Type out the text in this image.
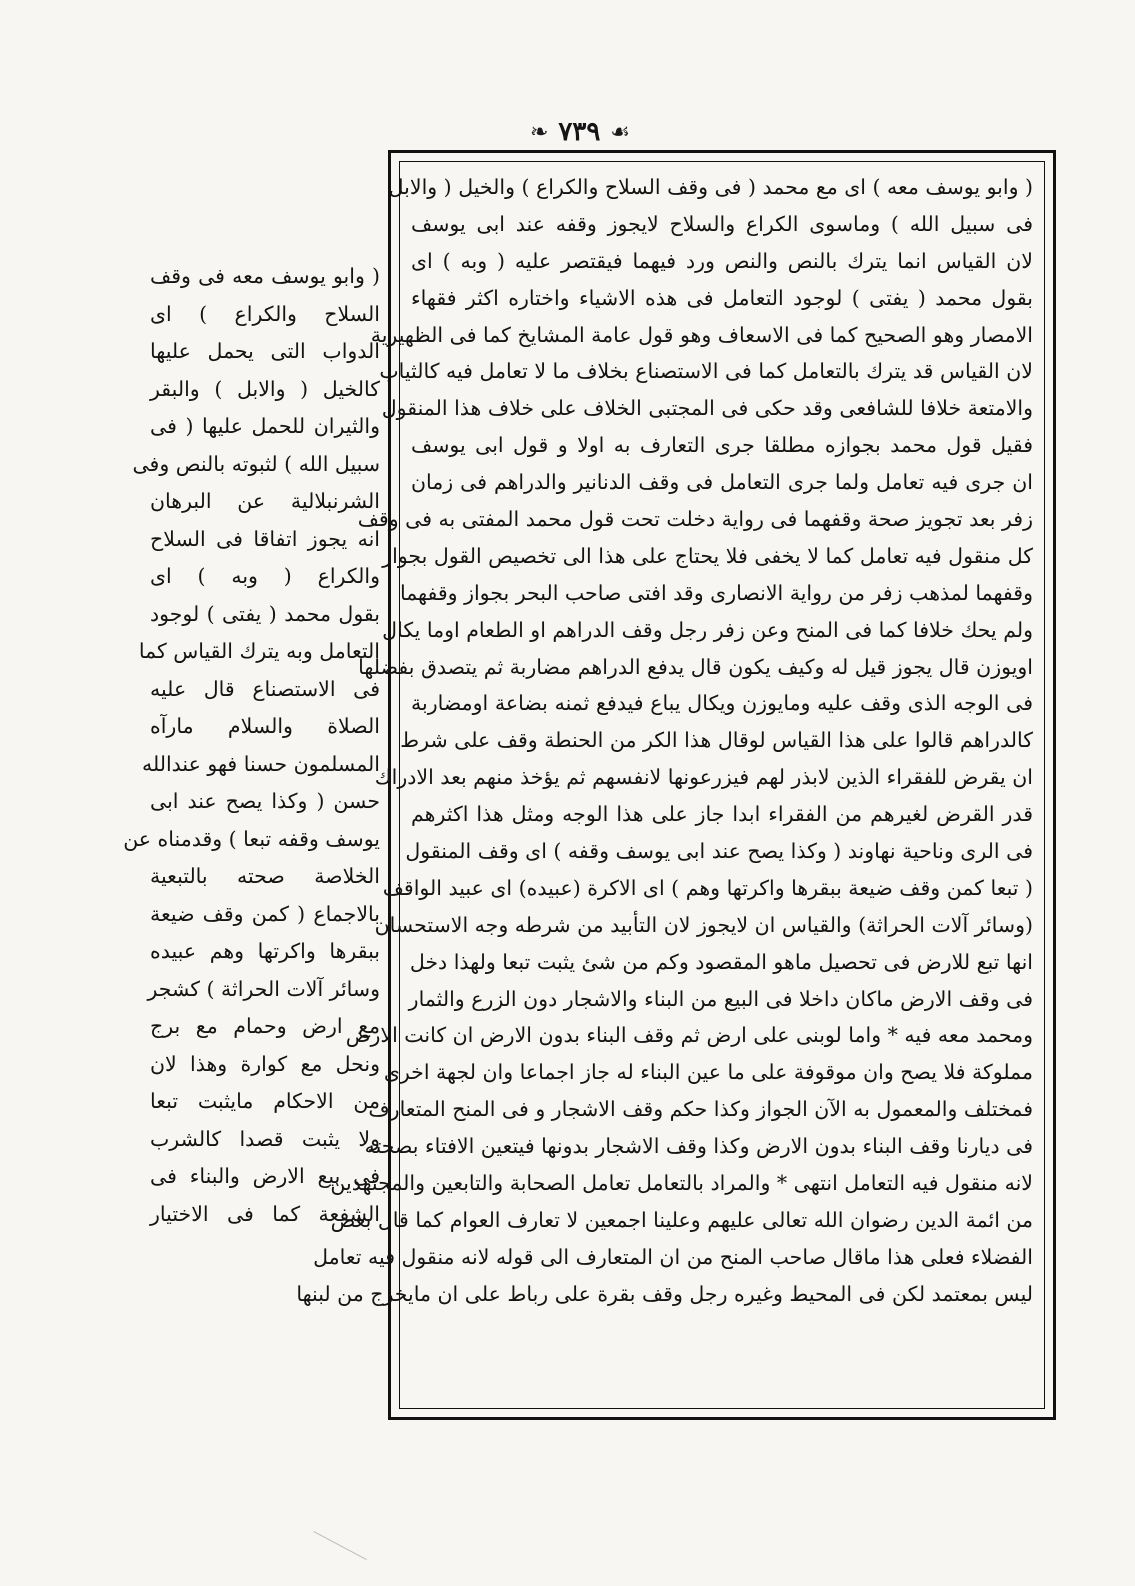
❧ ٧٣٩ ☙
( وابو يوسف معه ) اى مع محمد ( فى وقف السلاح والكراع ) والخيل ( والابل
فى سبيل الله ) وماسوى الكراع والسلاح لايجوز وقفه عند ابى يوسف
لان القياس انما يترك بالنص والنص ورد فيهما فيقتصر عليه ( وبه ) اى
بقول محمد ( يفتى ) لوجود التعامل فى هذه الاشياء واختاره اكثر فقهاء
الامصار وهو الصحيح كما فى الاسعاف وهو قول عامة المشايخ كما فى الظهيرية
لان القياس قد يترك بالتعامل كما فى الاستصناع بخلاف ما لا تعامل فيه كالثياب
والامتعة خلافا للشافعى وقد حكى فى المجتبى الخلاف على خلاف هذا المنقول
فقيل قول محمد بجوازه مطلقا جرى التعارف به اولا و قول ابى يوسف
ان جرى فيه تعامل ولما جرى التعامل فى وقف الدنانير والدراهم فى زمان
زفر بعد تجويز صحة وقفهما فى رواية دخلت تحت قول محمد المفتى به فى وقف
كل منقول فيه تعامل كما لا يخفى فلا يحتاج على هذا الى تخصيص القول بجواز
وقفهما لمذهب زفر من رواية الانصارى وقد افتى صاحب البحر بجواز وقفهما
ولم يحك خلافا كما فى المنح وعن زفر رجل وقف الدراهم او الطعام اوما يكال
اويوزن قال يجوز قيل له وكيف يكون قال يدفع الدراهم مضاربة ثم يتصدق بفضلها
فى الوجه الذى وقف عليه ومايوزن ويكال يباع فيدفع ثمنه بضاعة اومضاربة
كالدراهم قالوا على هذا القياس لوقال هذا الكر من الحنطة وقف على شرط
ان يقرض للفقراء الذين لابذر لهم فيزرعونها لانفسهم ثم يؤخذ منهم بعد الادراك
قدر القرض لغيرهم من الفقراء ابدا جاز على هذا الوجه ومثل هذا اكثرهم
فى الرى وناحية نهاوند ( وكذا يصح عند ابى يوسف وقفه ) اى وقف المنقول
( تبعا كمن وقف ضيعة ببقرها واكرتها وهم ) اى الاكرة (عبيده) اى عبيد الواقف
(وسائر آلات الحراثة) والقياس ان لايجوز لان التأبيد من شرطه وجه الاستحسان
انها تبع للارض فى تحصيل ماهو المقصود وكم من شئ يثبت تبعا ولهذا دخل
فى وقف الارض ماكان داخلا فى البيع من البناء والاشجار دون الزرع والثمار
ومحمد معه فيه * واما لوبنى على ارض ثم وقف البناء بدون الارض ان كانت الارض
مملوكة فلا يصح وان موقوفة على ما عين البناء له جاز اجماعا وان لجهة اخرى
فمختلف والمعمول به الآن الجواز وكذا حكم وقف الاشجار و فى المنح المتعارف
فى ديارنا وقف البناء بدون الارض وكذا وقف الاشجار بدونها فيتعين الافتاء بصحته
لانه منقول فيه التعامل انتهى * والمراد بالتعامل تعامل الصحابة والتابعين والمجتهدين
من ائمة الدين رضوان الله تعالى عليهم وعلينا اجمعين لا تعارف العوام كما قال بعض
الفضلاء فعلى هذا ماقال صاحب المنح من ان المتعارف الى قوله لانه منقول فيه تعامل
ليس بمعتمد لكن فى المحيط وغيره رجل وقف بقرة على رباط على ان مايخرج من لبنها
( وابو يوسف معه فى وقف
السلاح والكراع ) اى
الدواب التى يحمل عليها
كالخيل ( والابل ) والبقر
والثيران للحمل عليها ( فى
سبيل الله ) لثبوته بالنص وفى
الشرنبلالية عن البرهان
انه يجوز اتفاقا فى السلاح
والكراع ( وبه ) اى
بقول محمد ( يفتى ) لوجود
التعامل وبه يترك القياس كما
فى الاستصناع قال عليه
الصلاة والسلام مارآه
المسلمون حسنا فهو عندالله
حسن ( وكذا يصح عند ابى
يوسف وقفه تبعا ) وقدمناه عن
الخلاصة صحته بالتبعية
بالاجماع ( كمن وقف ضيعة
ببقرها واكرتها وهم عبيده
وسائر آلات الحراثة ) كشجر
مع ارض وحمام مع برج
ونحل مع كوارة وهذا لان
من الاحكام مايثبت تبعا
ولا يثبت قصدا كالشرب
فى بيع الارض والبناء فى
الشفعة كما فى الاختيار
